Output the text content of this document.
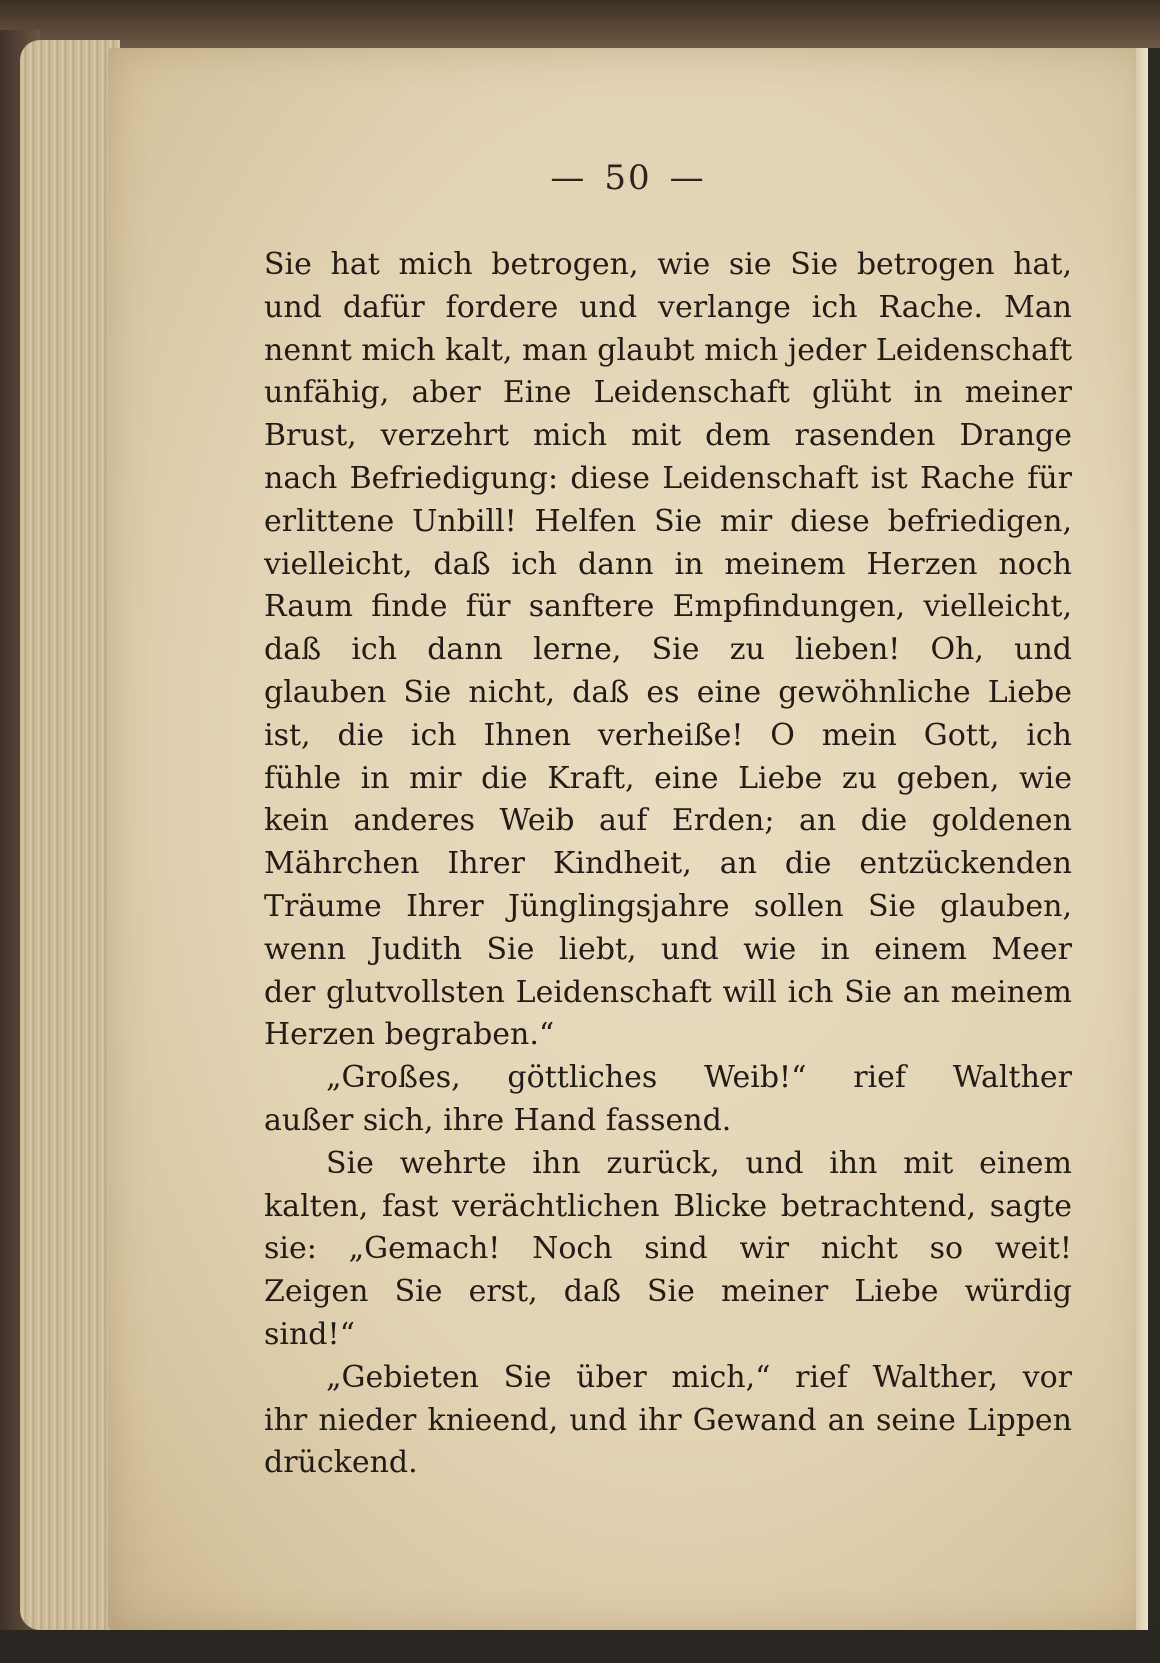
— 50 —
Sie hat mich betrogen, wie sie Sie betrogen hat,
und dafür fordere und verlange ich Rache. Man
nennt mich kalt, man glaubt mich jeder Leidenschaft
unfähig, aber Eine Leidenschaft glüht in meiner
Brust, verzehrt mich mit dem rasenden Drange
nach Befriedigung: diese Leidenschaft ist Rache für
erlittene Unbill! Helfen Sie mir diese befriedigen,
vielleicht, daß ich dann in meinem Herzen noch
Raum finde für sanftere Empfindungen, vielleicht,
daß ich dann lerne, Sie zu lieben! Oh, und
glauben Sie nicht, daß es eine gewöhnliche Liebe
ist, die ich Ihnen verheiße! O mein Gott, ich
fühle in mir die Kraft, eine Liebe zu geben, wie
kein anderes Weib auf Erden; an die goldenen
Mährchen Ihrer Kindheit, an die entzückenden
Träume Ihrer Jünglingsjahre sollen Sie glauben,
wenn Judith Sie liebt, und wie in einem Meer
der glutvollsten Leidenschaft will ich Sie an meinem
Herzen begraben.“
„Großes, göttliches Weib!“ rief Walther
außer sich, ihre Hand fassend.
Sie wehrte ihn zurück, und ihn mit einem
kalten, fast verächtlichen Blicke betrachtend, sagte
sie: „Gemach! Noch sind wir nicht so weit!
Zeigen Sie erst, daß Sie meiner Liebe würdig
sind!“
„Gebieten Sie über mich,“ rief Walther, vor
ihr nieder knieend, und ihr Gewand an seine Lippen
drückend.
